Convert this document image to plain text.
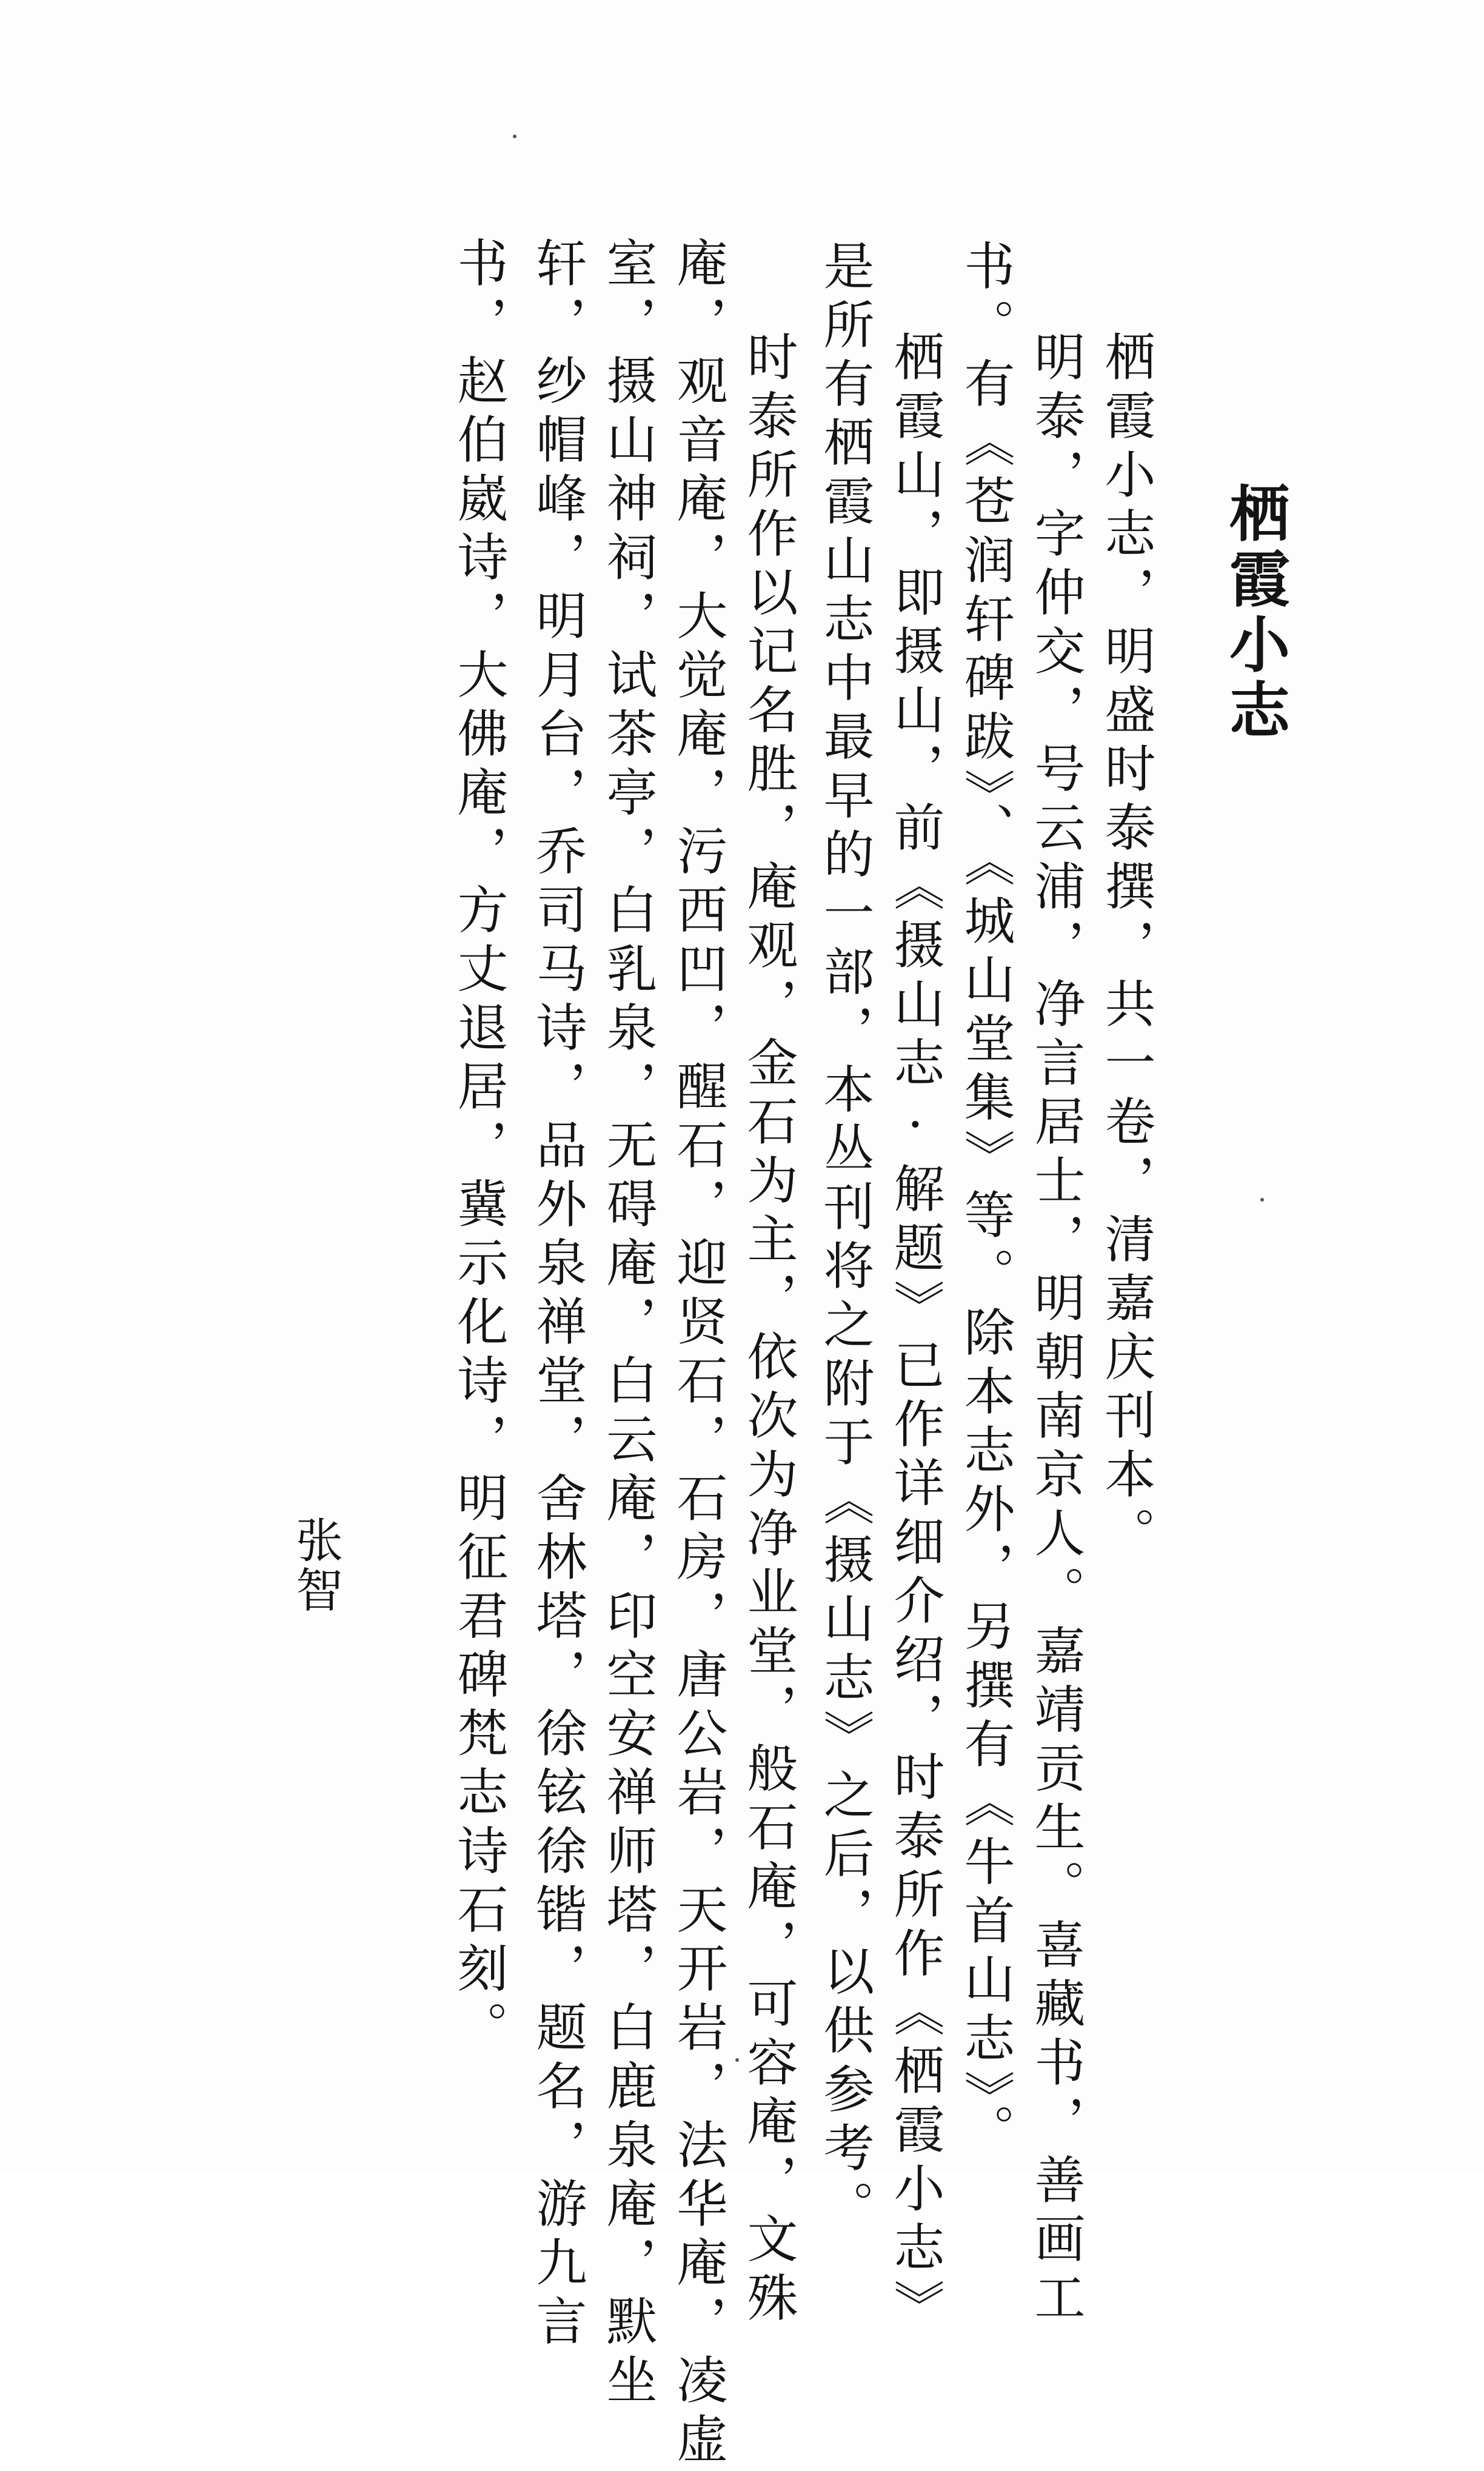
栖霞小志
栖霞小志，明盛时泰撰，共一卷，清嘉庆刊本。
明泰，字仲交，号云浦，净言居士，明朝南京人。嘉靖贡生。喜藏书，善画工
书。有《苍润轩碑跋》、《城山堂集》等。除本志外，另撰有《牛首山志》。
栖霞山，即摄山，前《摄山志·解题》已作详细介绍，时泰所作《栖霞小志》
是所有栖霞山志中最早的一部，本丛刊将之附于《摄山志》之后，以供参考。
时泰所作以记名胜，庵观，金石为主，依次为净业堂，般石庵，可容庵，文殊
庵，观音庵，大觉庵，污西凹，醒石，迎贤石，石房，唐公岩，天开岩，法华庵，凌虚
室，摄山神祠，试茶亭，白乳泉，无碍庵，白云庵，印空安禅师塔，白鹿泉庵，默坐
轩，纱帽峰，明月台，乔司马诗，品外泉禅堂，舍林塔，徐铉徐锴，题名，游九言
书，赵伯崴诗，大佛庵，方丈退居，冀示化诗，明征君碑梵志诗石刻。
张智
